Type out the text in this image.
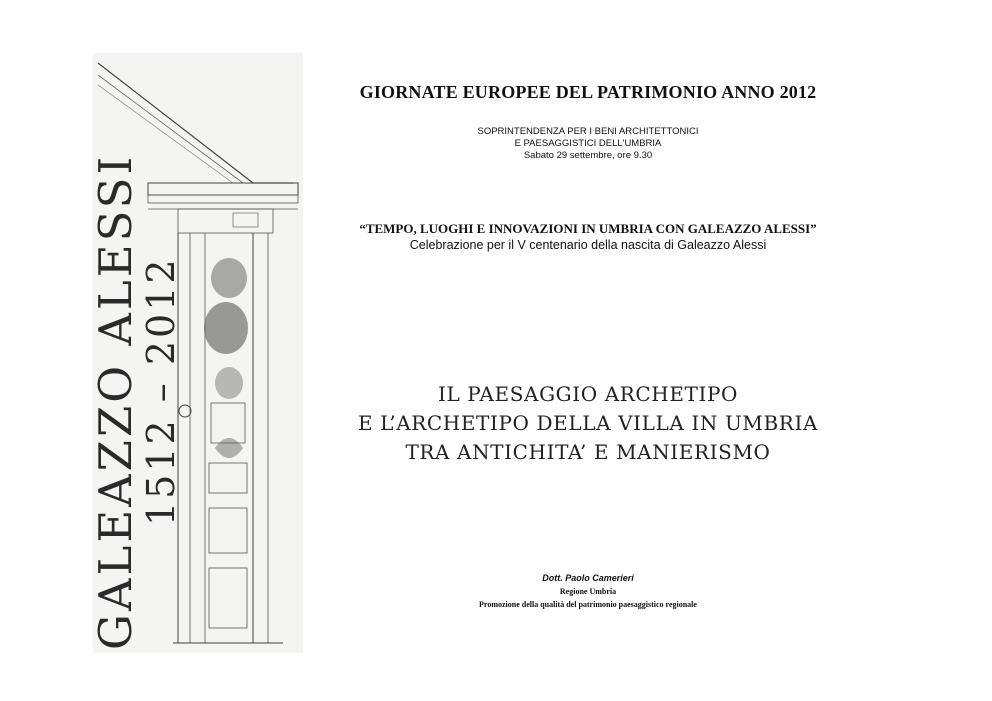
GALEAZZO ALESSI
1512 – 2012
GIORNATE EUROPEE DEL PATRIMONIO ANNO 2012
SOPRINTENDENZA PER I BENI ARCHITETTONICI
E PAESAGGISTICI DELL'UMBRIA
Sabato 29 settembre, ore 9.30
“TEMPO, LUOGHI E INNOVAZIONI IN UMBRIA CON GALEAZZO ALESSI”
Celebrazione per il V centenario della nascita di Galeazzo Alessi
IL PAESAGGIO ARCHETIPO
E L’ARCHETIPO DELLA VILLA IN UMBRIA
TRA ANTICHITA’ E MANIERISMO
Dott. Paolo Camerieri
Regione Umbria
Promozione della qualità del patrimonio paesaggistico regionale
